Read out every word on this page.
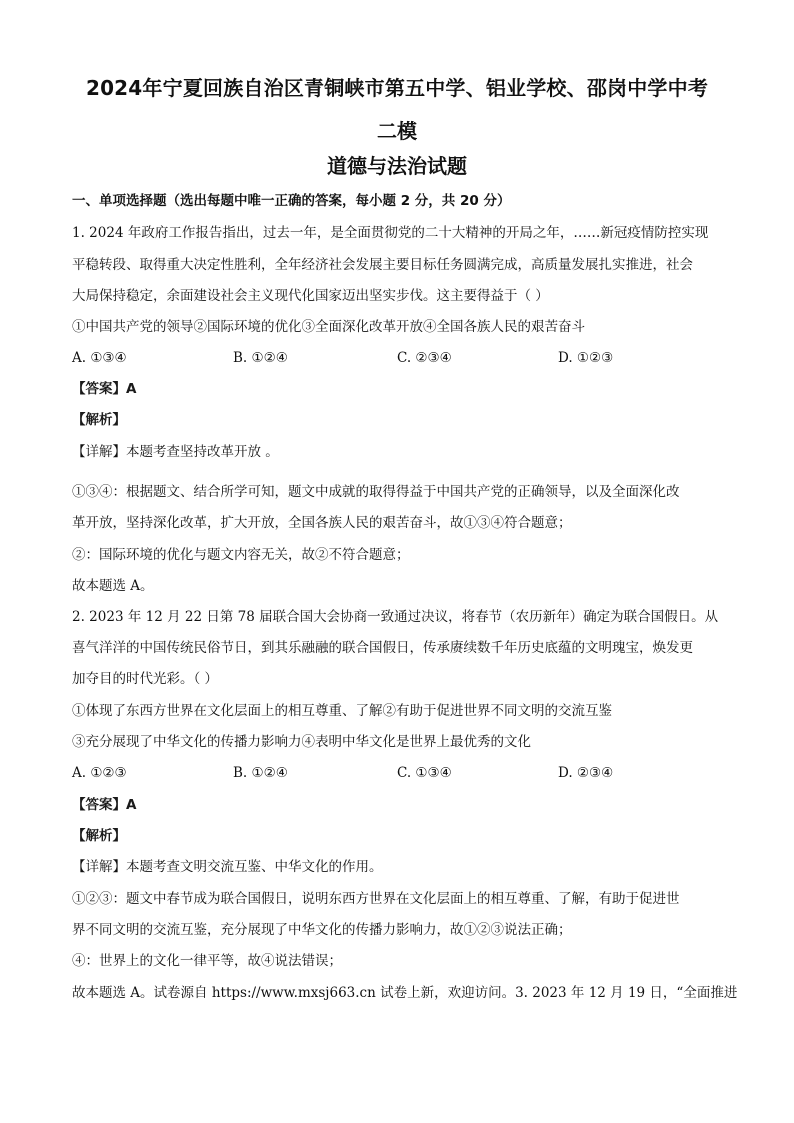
2024年宁夏回族自治区青铜峡市第五中学、铝业学校、邵岗中学中考
二模
道德与法治试题
一、单项选择题（选出每题中唯一正确的答案，每小题 2 分，共 20 分）
1. 2024 年政府工作报告指出，过去一年，是全面贯彻党的二十大精神的开局之年，……新冠疫情防控实现
平稳转段、取得重大决定性胜利，全年经济社会发展主要目标任务圆满完成，高质量发展扎实推进，社会
大局保持稳定，余面建设社会主义现代化国家迈出坚实步伐。这主要得益于（ ）
①中国共产党的领导②国际环境的优化③全面深化改革开放④全国各族人民的艰苦奋斗
A. ①③④	B. ①②④	C. ②③④	D. ①②③
【答案】A
【解析】
【详解】本题考查坚持改革开放 。
①③④：根据题文、结合所学可知，题文中成就的取得得益于中国共产党的正确领导，以及全面深化改
革开放，坚持深化改革，扩大开放，全国各族人民的艰苦奋斗，故①③④符合题意；
②：国际环境的优化与题文内容无关，故②不符合题意；
故本题选 A。
2. 2023 年 12 月 22 日第 78 届联合国大会协商一致通过决议，将春节（农历新年）确定为联合国假日。从
喜气洋洋的中国传统民俗节日，到其乐融融的联合国假日，传承赓续数千年历史底蕴的文明瑰宝，焕发更
加夺目的时代光彩。（ ）
①体现了东西方世界在文化层面上的相互尊重、了解②有助于促进世界不同文明的交流互鉴
③充分展现了中华文化的传播力影响力④表明中华文化是世界上最优秀的文化
A. ①②③	B. ①②④	C. ①③④	D. ②③④
【答案】A
【解析】
【详解】本题考查文明交流互鉴、中华文化的作用。
①②③：题文中春节成为联合国假日，说明东西方世界在文化层面上的相互尊重、了解，有助于促进世
界不同文明的交流互鉴，充分展现了中华文化的传播力影响力，故①②③说法正确；
④：世界上的文化一律平等，故④说法错误；
故本题选 A。试卷源自 https://www.mxsj663.cn 试卷上新，欢迎访问。3. 2023 年 12 月 19 日，“全面推进
